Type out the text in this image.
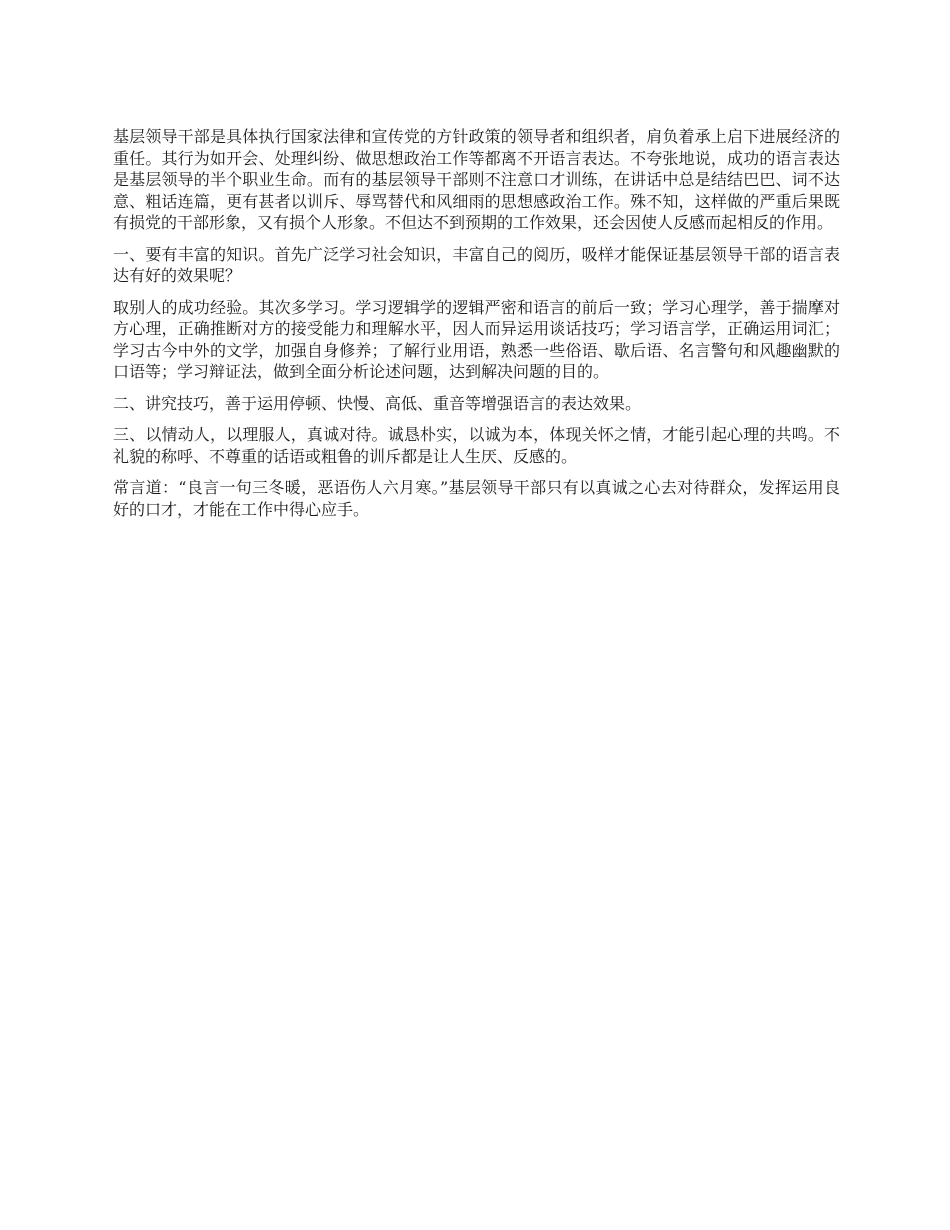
基层领导干部是具体执行国家法律和宣传党的方针政策的领导者和组织者，肩负着承上启下进展经济的重任。其行为如开会、处理纠纷、做思想政治工作等都离不开语言表达。不夸张地说，成功的语言表达是基层领导的半个职业生命。而有的基层领导干部则不注意口才训练，在讲话中总是结结巴巴、词不达意、粗话连篇，更有甚者以训斥、辱骂替代和风细雨的思想感政治工作。殊不知，这样做的严重后果既有损党的干部形象，又有损个人形象。不但达不到预期的工作效果，还会因使人反感而起相反的作用。

一、要有丰富的知识。首先广泛学习社会知识，丰富自己的阅历，吸样才能保证基层领导干部的语言表达有好的效果呢？

取别人的成功经验。其次多学习。学习逻辑学的逻辑严密和语言的前后一致；学习心理学，善于揣摩对方心理，正确推断对方的接受能力和理解水平，因人而异运用谈话技巧；学习语言学，正确运用词汇；学习古今中外的文学，加强自身修养；了解行业用语，熟悉一些俗语、歇后语、名言警句和风趣幽默的口语等；学习辩证法，做到全面分析论述问题，达到解决问题的目的。

二、讲究技巧，善于运用停顿、快慢、高低、重音等增强语言的表达效果。

三、以情动人，以理服人，真诚对待。诚恳朴实，以诚为本，体现关怀之情，才能引起心理的共鸣。不礼貌的称呼、不尊重的话语或粗鲁的训斥都是让人生厌、反感的。

常言道：“良言一句三冬暖，恶语伤人六月寒。”基层领导干部只有以真诚之心去对待群众，发挥运用良好的口才，才能在工作中得心应手。
